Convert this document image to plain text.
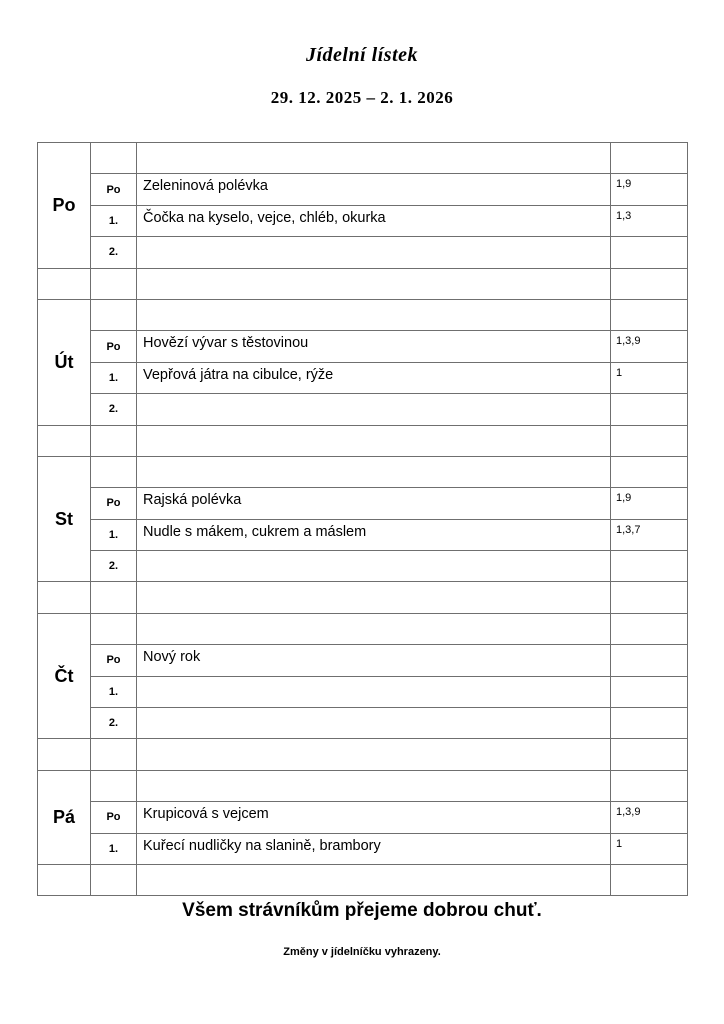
Jídelní lístek
29. 12. 2025 – 2. 1. 2026
Po			
	Po	Zeleninová polévka	1,9
	1.	Čočka na kyselo, vejce, chléb, okurka	1,3
	2.		

Út			
	Po	Hovězí vývar s těstovinou	1,3,9
	1.	Vepřová játra na cibulce, rýže	1
	2.		

St			
	Po	Rajská polévka	1,9
	1.	Nudle s mákem, cukrem a máslem	1,3,7
	2.		

Čt			
	Po	Nový rok	
	1.		
	2.		

Pá			
	Po	Krupicová s vejcem	1,3,9
	1.	Kuřecí nudličky na slanině, brambory	1

Všem strávníkům přejeme dobrou chuť.
Změny v jídelníčku vyhrazeny.
